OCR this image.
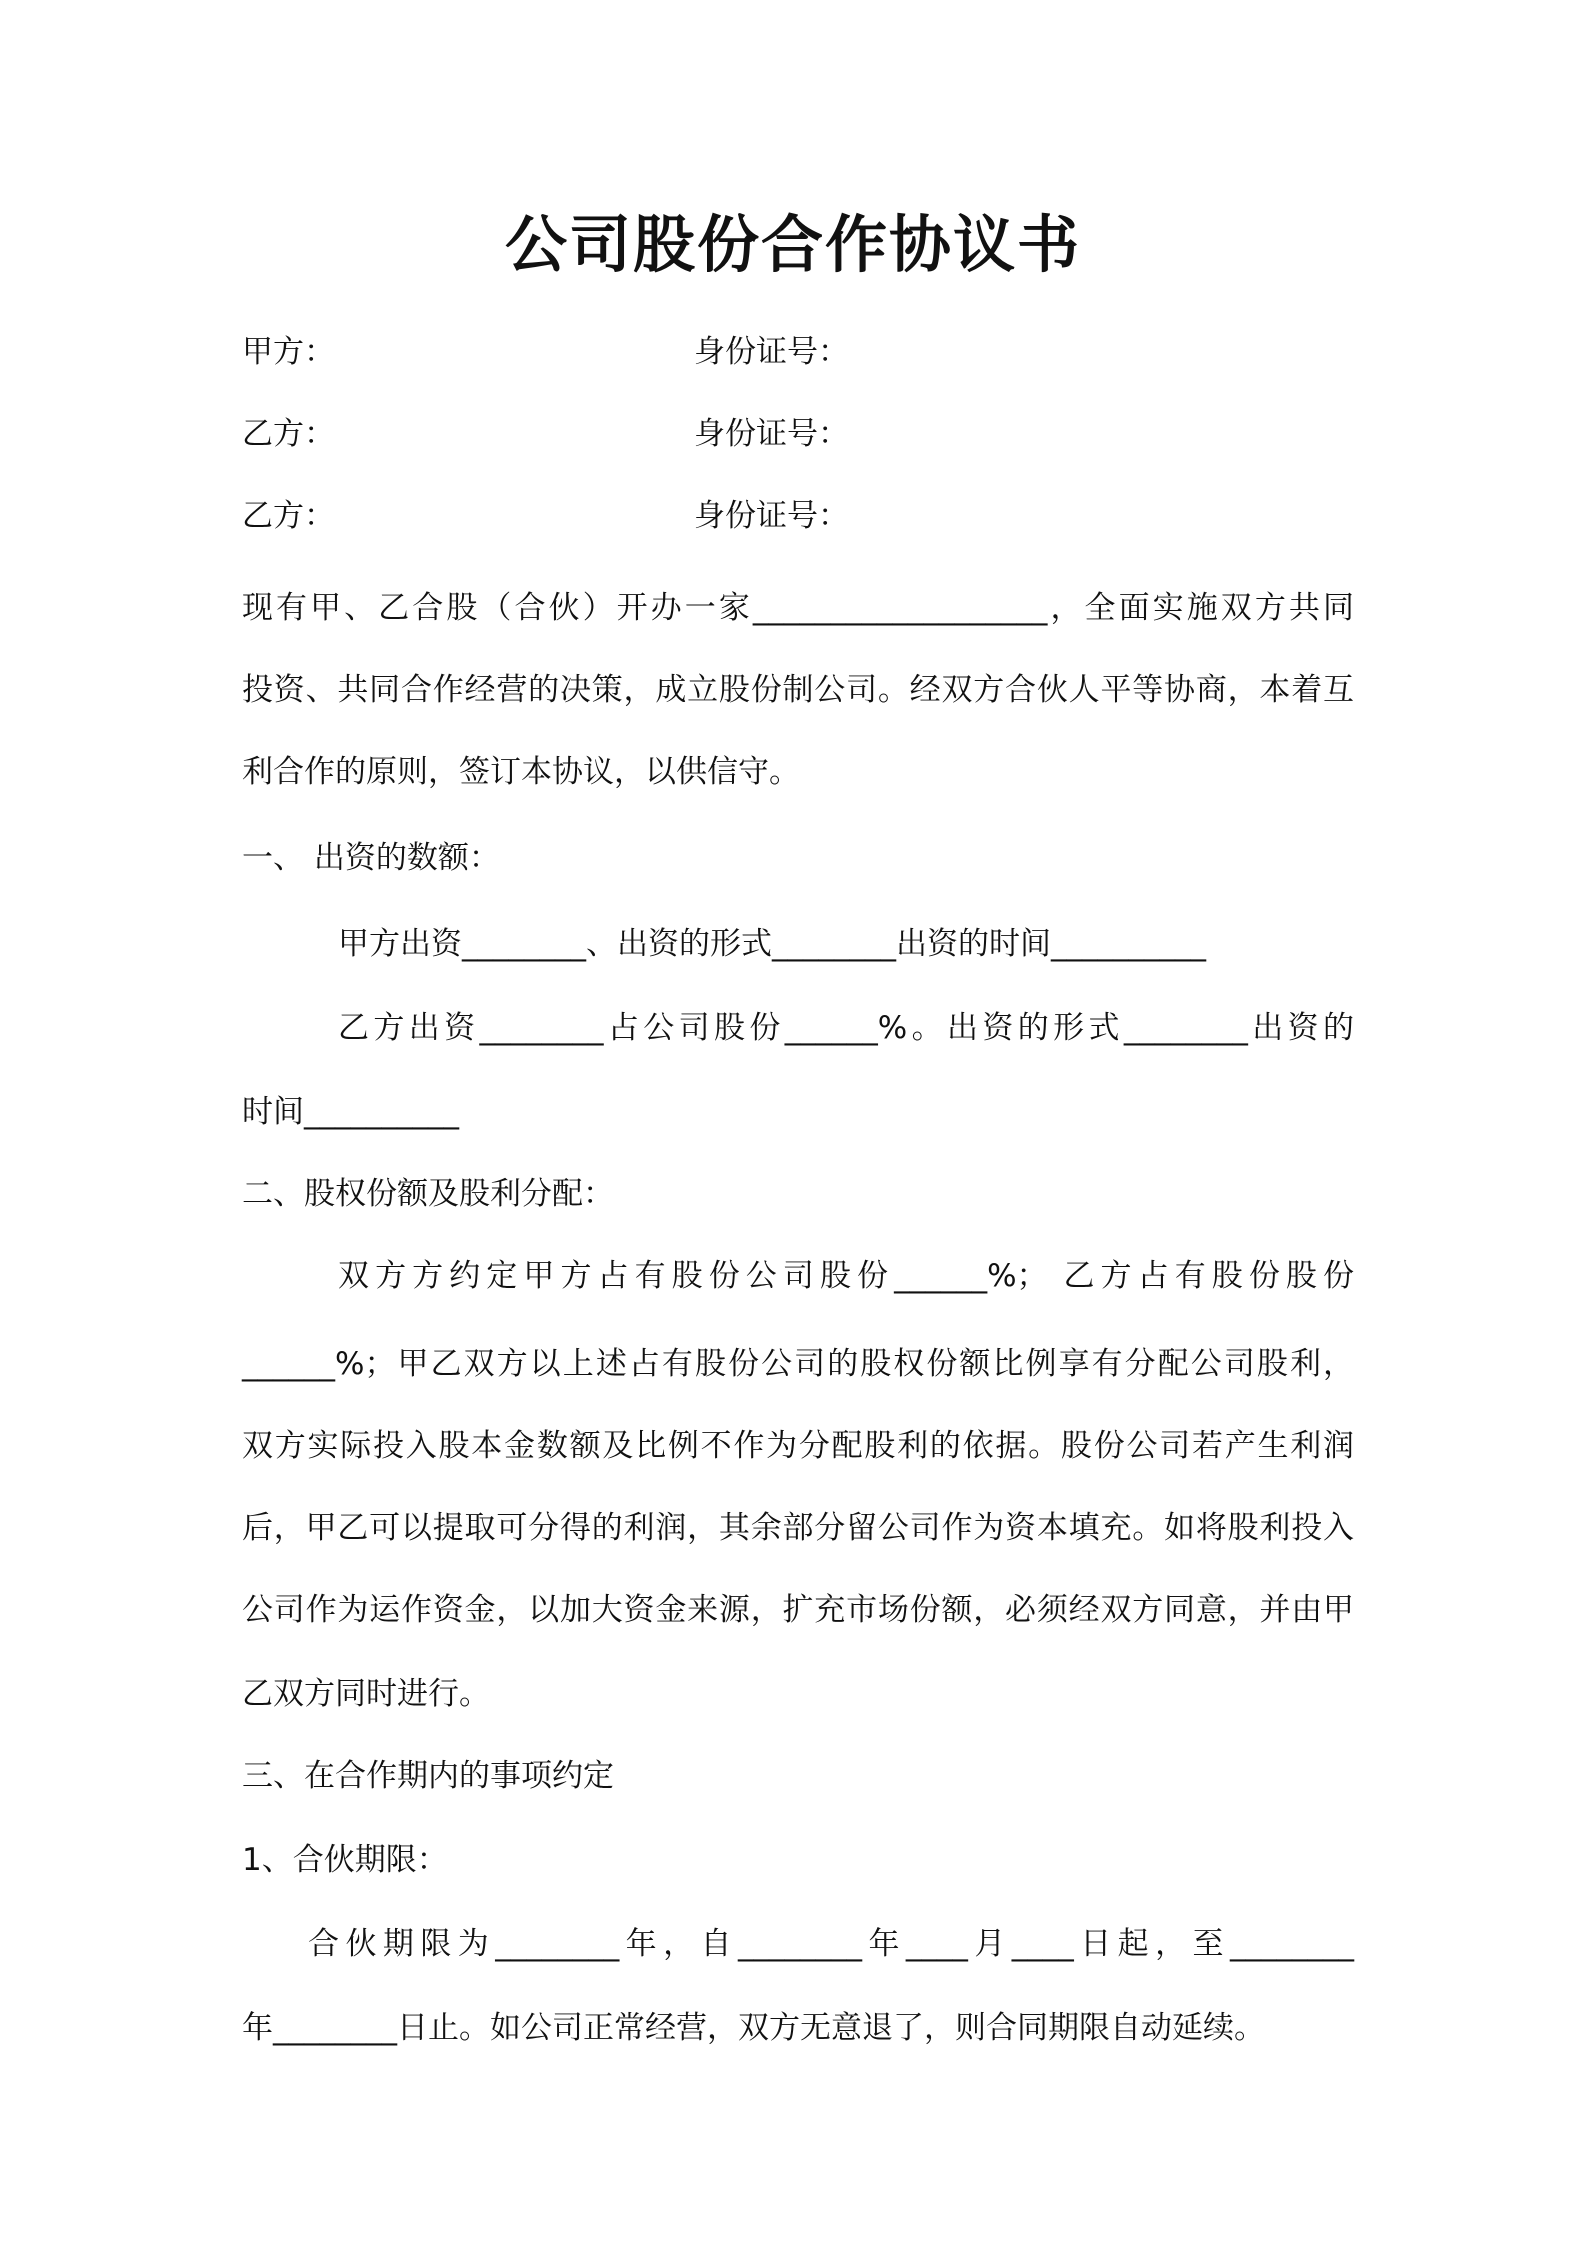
公司股份合作协议书
甲方：	身份证号：
乙方：	身份证号：
乙方：	身份证号：
现有甲、乙合股（合伙）开办一家___________________，全面实施双方共同
投资、共同合作经营的决策，成立股份制公司。经双方合伙人平等协商，本着互
利合作的原则，签订本协议，以供信守。
一、 出资的数额：
甲方出资________、出资的形式________出资的时间__________
乙方出资________占公司股份______%。出资的形式________出资的
时间__________
二、股权份额及股利分配：
双方方约定甲方占有股份公司股份______%； 乙方占有股份股份
______%；甲乙双方以上述占有股份公司的股权份额比例享有分配公司股利，
双方实际投入股本金数额及比例不作为分配股利的依据。股份公司若产生利润
后，甲乙可以提取可分得的利润，其余部分留公司作为资本填充。如将股利投入
公司作为运作资金，以加大资金来源，扩充市场份额，必须经双方同意，并由甲
乙双方同时进行。
三、在合作期内的事项约定
1、合伙期限：
合伙期限为________年，自________年____月____日起，至________
年________日止。如公司正常经营，双方无意退了，则合同期限自动延续。
